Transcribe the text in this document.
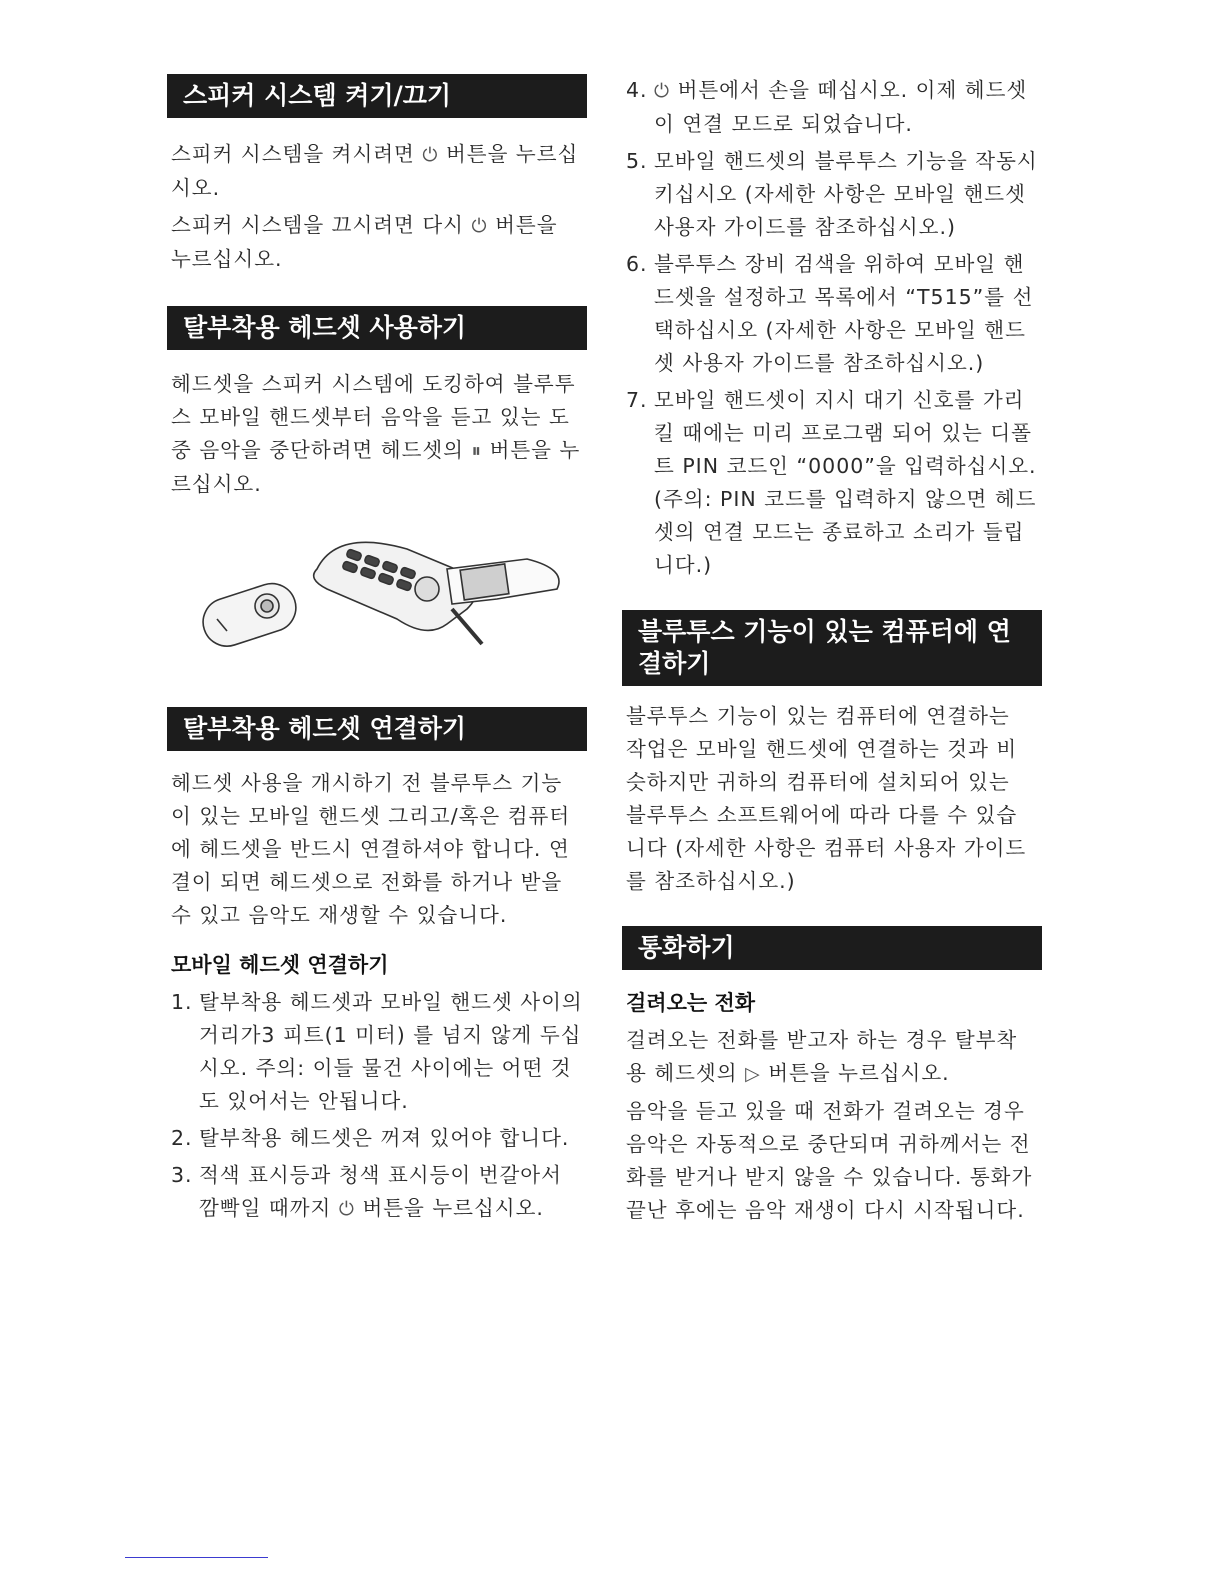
스피커 시스템 켜기/끄기

스피커 시스템을 켜시려면 ⏻ 버튼을 누르십시오.

스피커 시스템을 끄시려면 다시 ⏻ 버튼을 누르십시오.

탈부착용 헤드셋 사용하기

헤드셋을 스피커 시스템에 도킹하여 블루투스 모바일 핸드셋부터 음악을 듣고 있는 도중 음악을 중단하려면 헤드셋의 ⏸ 버튼을 누르십시오.

탈부착용 헤드셋 연결하기

헤드셋 사용을 개시하기 전 블루투스 기능이 있는 모바일 핸드셋 그리고/혹은 컴퓨터에 헤드셋을 반드시 연결하셔야 합니다. 연결이 되면 헤드셋으로 전화를 하거나 받을 수 있고 음악도 재생할 수 있습니다.

모바일 헤드셋 연결하기
1. 탈부착용 헤드셋과 모바일 핸드셋 사이의 거리가3 피트(1 미터) 를 넘지 않게 두십시오. 주의: 이들 물건 사이에는 어떤 것도 있어서는 안됩니다.
2. 탈부착용 헤드셋은 꺼져 있어야 합니다.
3. 적색 표시등과 청색 표시등이 번갈아서 깜빡일 때까지 ⏻ 버튼을 누르십시오.
4. ⏻ 버튼에서 손을 떼십시오. 이제 헤드셋이 연결 모드로 되었습니다.
5. 모바일 핸드셋의 블루투스 기능을 작동시키십시오 (자세한 사항은 모바일 핸드셋 사용자 가이드를 참조하십시오.)
6. 블루투스 장비 검색을 위하여 모바일 핸드셋을 설정하고 목록에서 “T515”를 선택하십시오 (자세한 사항은 모바일 핸드셋 사용자 가이드를 참조하십시오.)
7. 모바일 핸드셋이 지시 대기 신호를 가리킬 때에는 미리 프로그램 되어 있는 디폴트 PIN 코드인 “0000”을 입력하십시오. (주의: PIN 코드를 입력하지 않으면 헤드셋의 연결 모드는 종료하고 소리가 들립니다.)
블루투스 기능이 있는 컴퓨터에 연결하기

블루투스 기능이 있는 컴퓨터에 연결하는 작업은 모바일 핸드셋에 연결하는 것과 비슷하지만 귀하의 컴퓨터에 설치되어 있는 블루투스 소프트웨어에 따라 다를 수 있습니다 (자세한 사항은 컴퓨터 사용자 가이드를 참조하십시오.)

통화하기
걸려오는 전화

걸려오는 전화를 받고자 하는 경우 탈부착용 헤드셋의 ▷ 버튼을 누르십시오.

음악을 듣고 있을 때 전화가 걸려오는 경우 음악은 자동적으로 중단되며 귀하께서는 전화를 받거나 받지 않을 수 있습니다. 통화가 끝난 후에는 음악 재생이 다시 시작됩니다.
